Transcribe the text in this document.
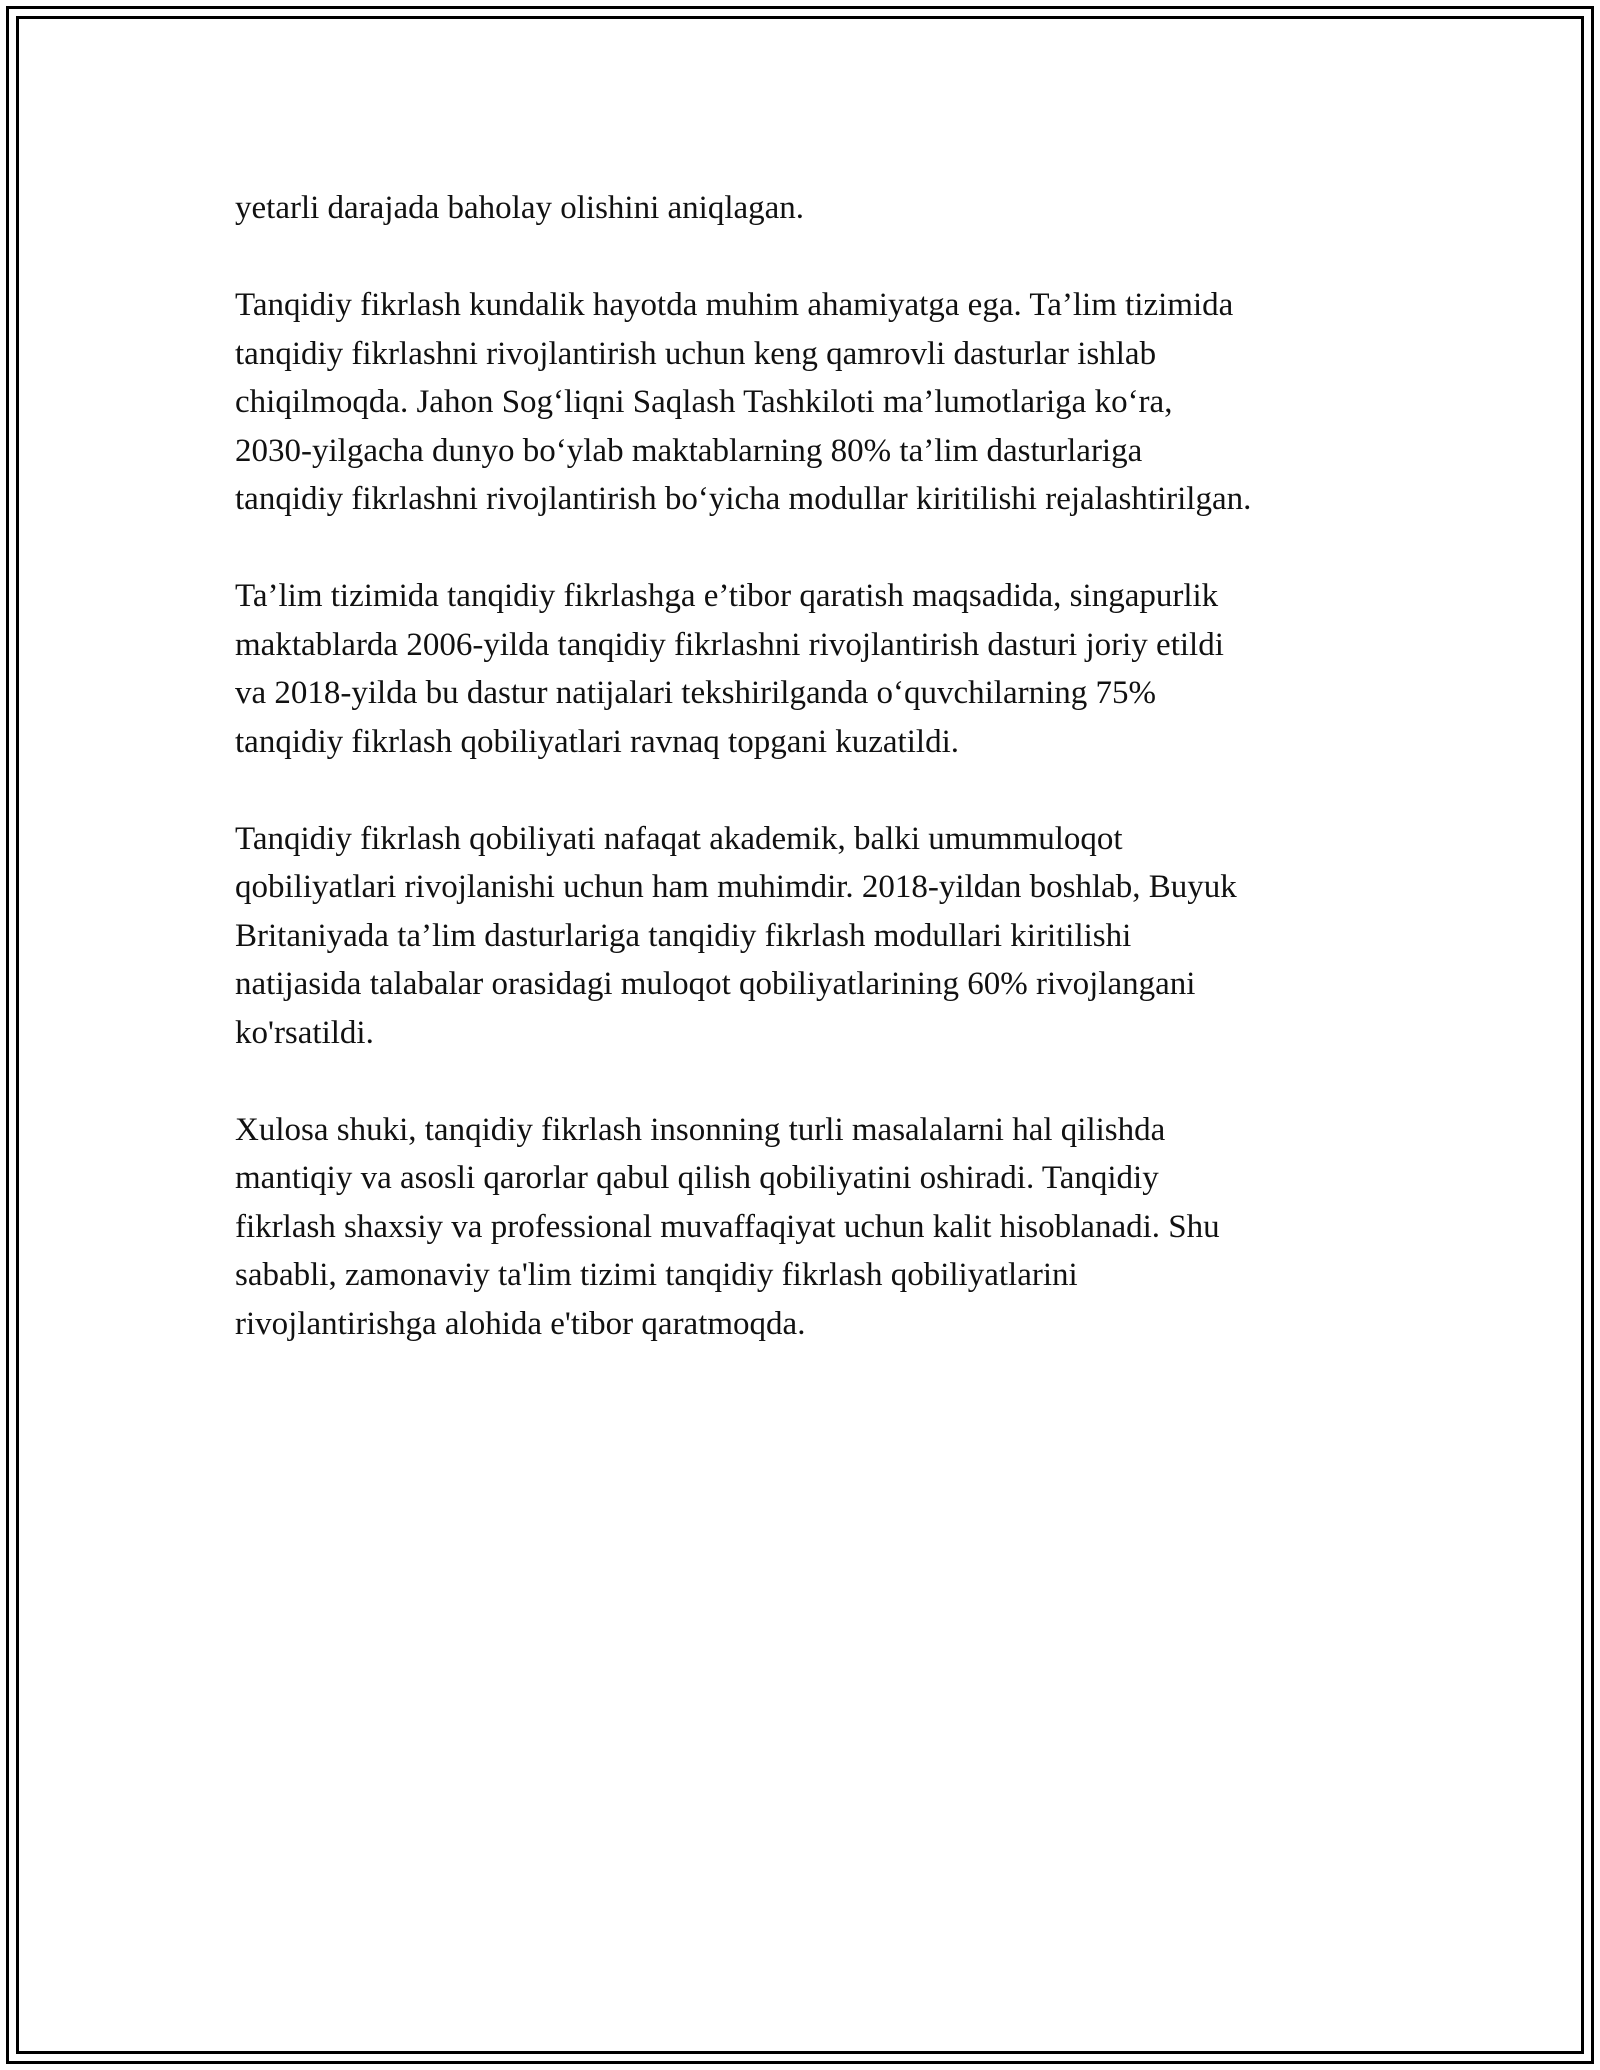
yetarli darajada baholay olishini aniqlagan.

Tanqidiy fikrlash kundalik hayotda muhim ahamiyatga ega. Ta’lim tizimida
tanqidiy fikrlashni rivojlantirish uchun keng qamrovli dasturlar ishlab
chiqilmoqda. Jahon Sog‘liqni Saqlash Tashkiloti ma’lumotlariga ko‘ra,
2030-yilgacha dunyo bo‘ylab maktablarning 80% ta’lim dasturlariga
tanqidiy fikrlashni rivojlantirish bo‘yicha modullar kiritilishi rejalashtirilgan.

Ta’lim tizimida tanqidiy fikrlashga e’tibor qaratish maqsadida, singapurlik
maktablarda 2006-yilda tanqidiy fikrlashni rivojlantirish dasturi joriy etildi
va 2018-yilda bu dastur natijalari tekshirilganda o‘quvchilarning 75%
tanqidiy fikrlash qobiliyatlari ravnaq topgani kuzatildi.

Tanqidiy fikrlash qobiliyati nafaqat akademik, balki umummuloqot
qobiliyatlari rivojlanishi uchun ham muhimdir. 2018-yildan boshlab, Buyuk
Britaniyada ta’lim dasturlariga tanqidiy fikrlash modullari kiritilishi
natijasida talabalar orasidagi muloqot qobiliyatlarining 60% rivojlangani
ko'rsatildi.

Xulosa shuki, tanqidiy fikrlash insonning turli masalalarni hal qilishda
mantiqiy va asosli qarorlar qabul qilish qobiliyatini oshiradi. Tanqidiy
fikrlash shaxsiy va professional muvaffaqiyat uchun kalit hisoblanadi. Shu
sababli, zamonaviy ta'lim tizimi tanqidiy fikrlash qobiliyatlarini
rivojlantirishga alohida e'tibor qaratmoqda.
